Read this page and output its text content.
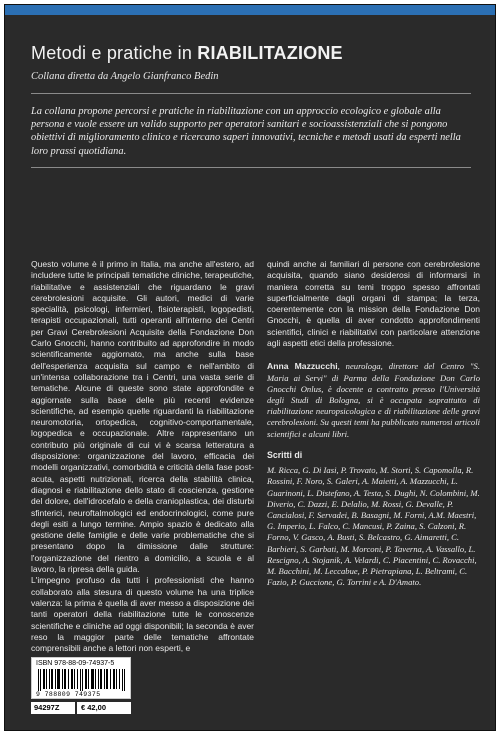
Metodi e pratiche in RIABILITAZIONE
Collana diretta da Angelo Gianfranco Bedin
La collana propone percorsi e pratiche in riabilitazione con un approccio ecologico e globale alla persona e vuole essere un valido supporto per operatori sanitari e socioassistenziali che si pongono obiettivi di miglioramento clinico e ricercano saperi innovativi, tecniche e metodi usati da esperti nella loro prassi quotidiana.

Questo volume è il primo in Italia, ma anche all'estero, ad includere tutte le principali tematiche cliniche, terapeutiche, riabilitative e assistenziali che riguardano le gravi cerebrolesioni acquisite. Gli autori, medici di varie specialità, psicologi, infermieri, fisioterapisti, logopedisti, terapisti occupazionali, tutti operanti all'interno dei Centri per Gravi Cerebrolesioni Acquisite della Fondazione Don Carlo Gnocchi, hanno contribuito ad approfondire in modo scientificamente aggiornato, ma anche sulla base dell'esperienza acquisita sul campo e nell'ambito di un'intensa collaborazione tra i Centri, una vasta serie di tematiche. Alcune di queste sono state approfondite e aggiornate sulla base delle più recenti evidenze scientifiche, ad esempio quelle riguardanti la riabilitazione neuromotoria, ortopedica, cognitivo-comportamentale, logopedica e occupazionale. Altre rappresentano un contributo più originale di cui vi è scarsa letteratura a disposizione: organizzazione del lavoro, efficacia dei modelli organizzativi, comorbidità e criticità della fase post-acuta, aspetti nutrizionali, ricerca della stabilità clinica, diagnosi e riabilitazione dello stato di coscienza, gestione del dolore, dell'idrocefalo e della cranioplastica, dei disturbi sfinterici, neuroftalmologici ed endocrinologici, come pure degli esiti a lungo termine. Ampio spazio è dedicato alla gestione delle famiglie e delle varie problematiche che si presentano dopo la dimissione dalle strutture: l'organizzazione del rientro a domicilio, a scuola e al lavoro, la ripresa della guida.

L'impegno profuso da tutti i professionisti che hanno collaborato alla stesura di questo volume ha una triplice valenza: la prima è quella di aver messo a disposizione dei tanti operatori della riabilitazione tutte le conoscenze scientifiche e cliniche ad oggi disponibili; la seconda è aver reso la maggior parte delle tematiche affrontate comprensibili anche a lettori non esperti, e

quindi anche ai familiari di persone con cerebrolesione acquisita, quando siano desiderosi di informarsi in maniera corretta su temi troppo spesso affrontati superficialmente dagli organi di stampa; la terza, coerentemente con la mission della Fondazione Don Gnocchi, è quella di aver condotto approfondimenti scientifici, clinici e riabilitativi con particolare attenzione agli aspetti etici della professione.

Anna Mazzucchi, neurologa, direttore del Centro "S. Maria ai Servi" di Parma della Fondazione Don Carlo Gnocchi Onlus, è docente a contratto presso l'Università degli Studi di Bologna, si è occupata soprattutto di riabilitazione neuropsicologica e di riabilitazione delle gravi cerebrolesioni. Su questi temi ha pubblicato numerosi articoli scientifici e alcuni libri.

Scritti di

M. Ricca, G. Di Iasi, P. Trovato, M. Storti, S. Capomolla, R. Rossini, F. Noro, S. Galeri, A. Maietti, A. Mazzucchi, L. Guarinoni, L. Distefano, A. Testa, S. Dughi, N. Colombini, M. Diverio, C. Dazzi, E. Delalio, M. Rossi, G. Devalle, P. Cancialosi, F. Servadei, B. Basagni, M. Forni, A.M. Maestri, G. Imperio, L. Falco, C. Mancusi, P. Zaina, S. Calzoni, R. Forno, V. Gasco, A. Busti, S. Belcastro, G. Aimaretti, C. Barbieri, S. Garbati, M. Morconi, P. Taverna, A. Vassallo, L. Rescigno, A. Stojanik, A. Velardi, C. Piacentini, C. Rovacchi, M. Bacchini, M. Leccabue, P. Pietrapiana, L. Beltrami, C. Fazio, P. Guccione, G. Torrini e A. D'Amato.

ISBN 978-88-09-74937-5
9 788809 749375
94297Z	€ 42,00
